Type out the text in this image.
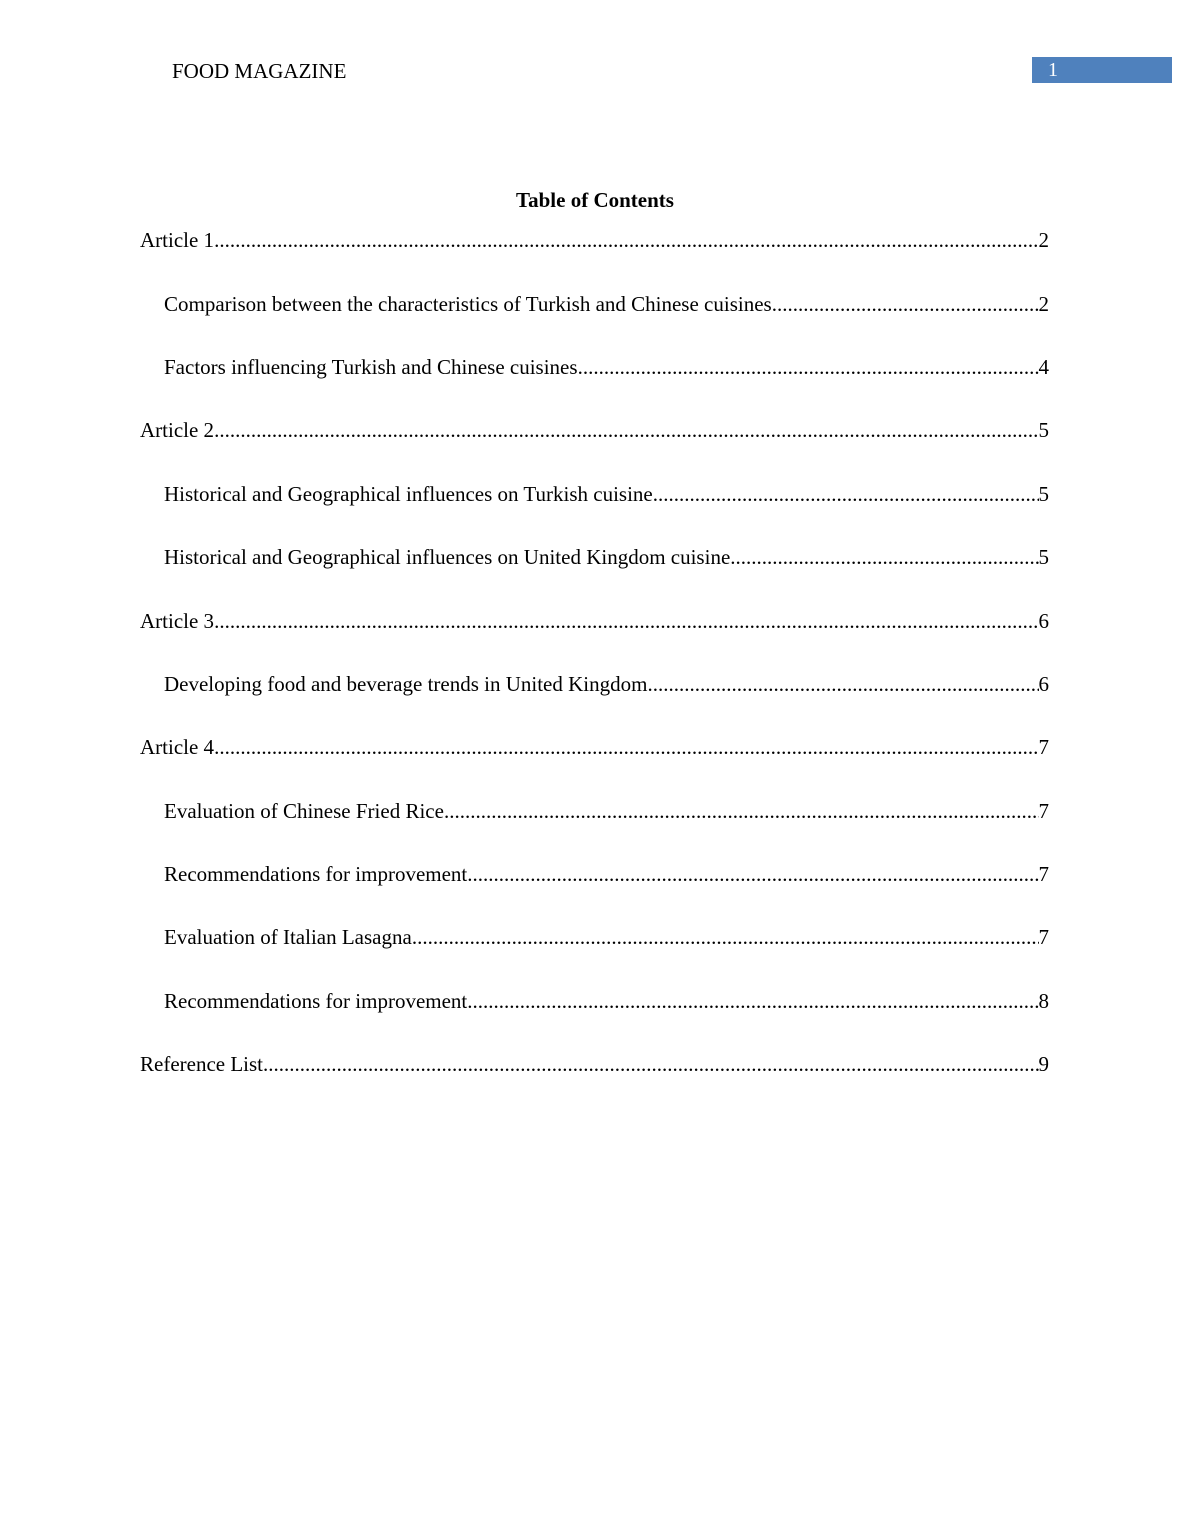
FOOD MAGAZINE	1
Table of Contents
Article 1 .....	2
Comparison between the characteristics of Turkish and Chinese cuisines .....	2
Factors influencing Turkish and Chinese cuisines .....	4
Article 2 .....	5
Historical and Geographical influences on Turkish cuisine .....	5
Historical and Geographical influences on United Kingdom cuisine .....	5
Article 3 .....	6
Developing food and beverage trends in United Kingdom .....	6
Article 4 .....	7
Evaluation of Chinese Fried Rice .....	7
Recommendations for improvement .....	7
Evaluation of Italian Lasagna .....	7
Recommendations for improvement .....	8
Reference List .....	9
